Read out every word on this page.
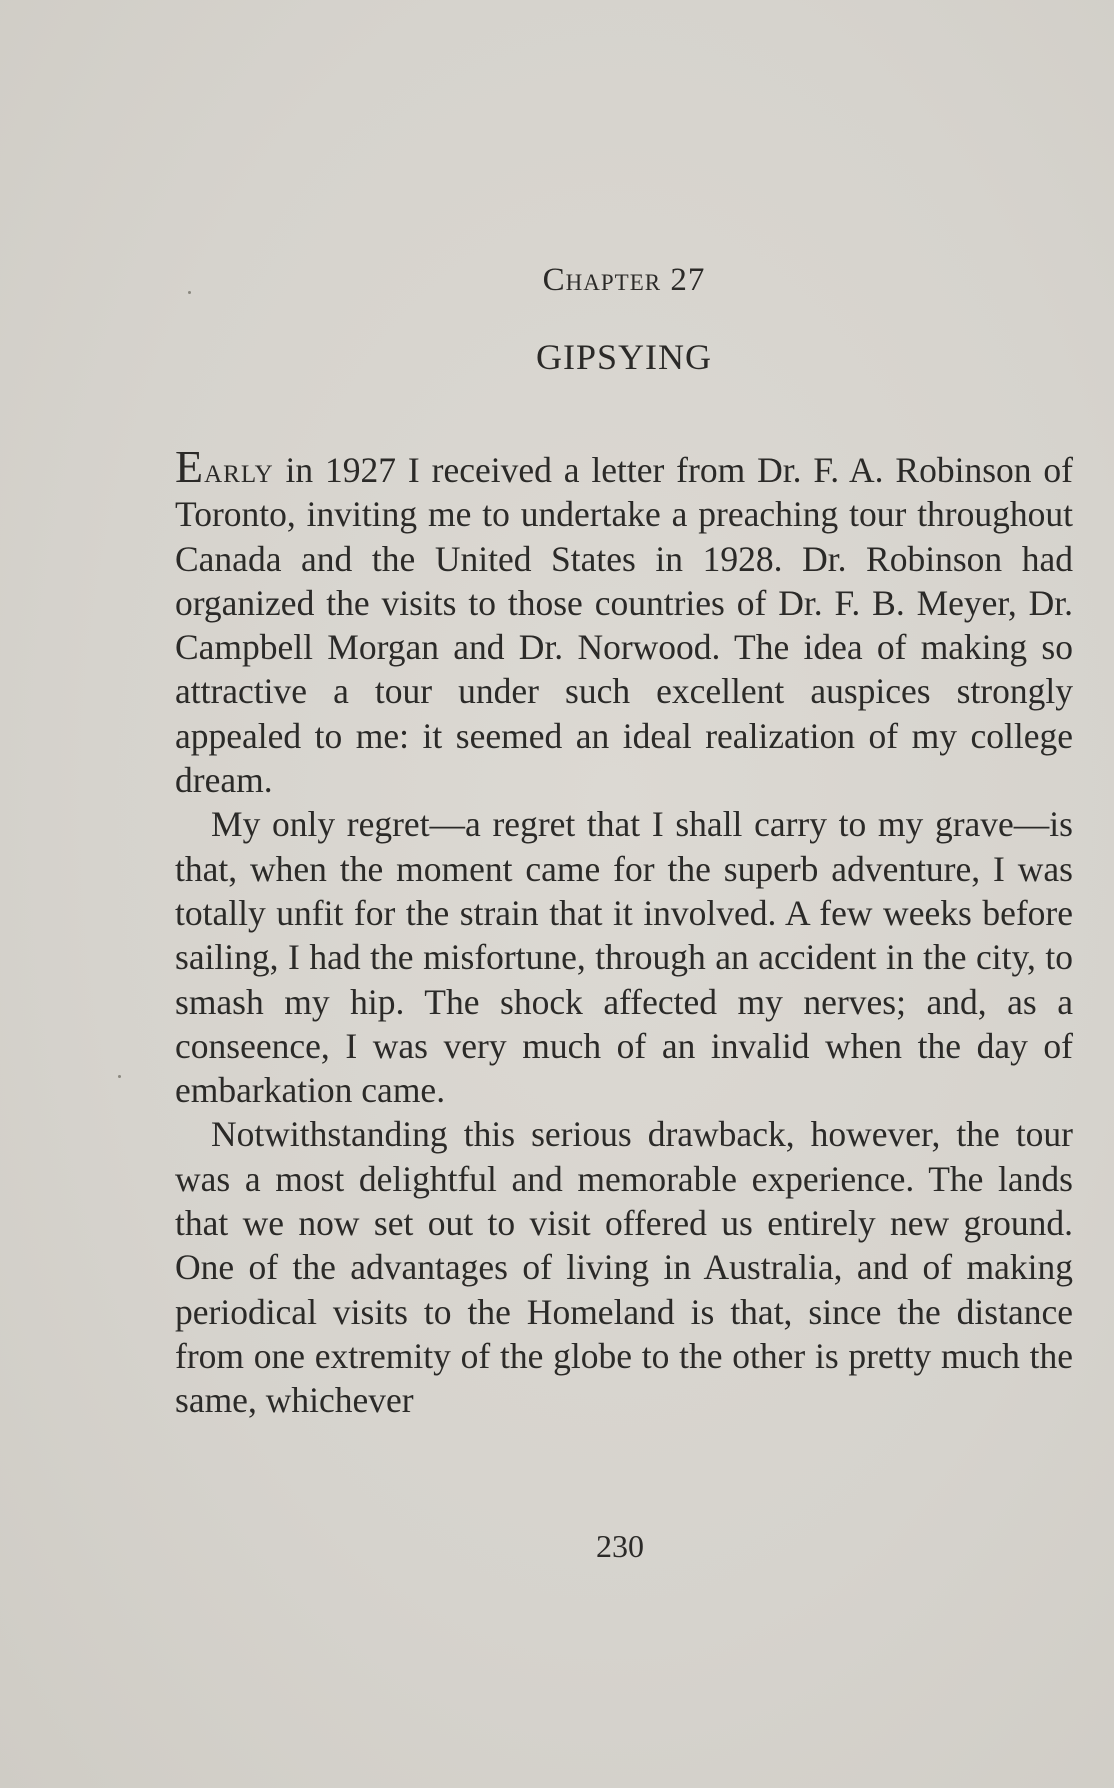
Chapter 27
GIPSYING

Early in 1927 I received a letter from Dr. F. A. Robinson of Toronto, inviting me to undertake a preaching tour throughout Canada and the United States in 1928. Dr. Robinson had organized the visits to those countries of Dr. F. B. Meyer, Dr. Campbell Morgan and Dr. Norwood. The idea of making so attractive a tour under such excellent auspices strongly appealed to me: it seemed an ideal realization of my college dream.

My only regret—a regret that I shall carry to my grave—is that, when the moment came for the superb adventure, I was totally unfit for the strain that it involved. A few weeks before sailing, I had the misfortune, through an accident in the city, to smash my hip. The shock affected my nerves; and, as a conseence, I was very much of an invalid when the day of embarkation came.

Notwithstanding this serious drawback, however, the tour was a most delightful and memorable experience. The lands that we now set out to visit offered us entirely new ground. One of the advantages of living in Australia, and of making periodical visits to the Homeland is that, since the distance from one extremity of the globe to the other is pretty much the same, whichever

230
